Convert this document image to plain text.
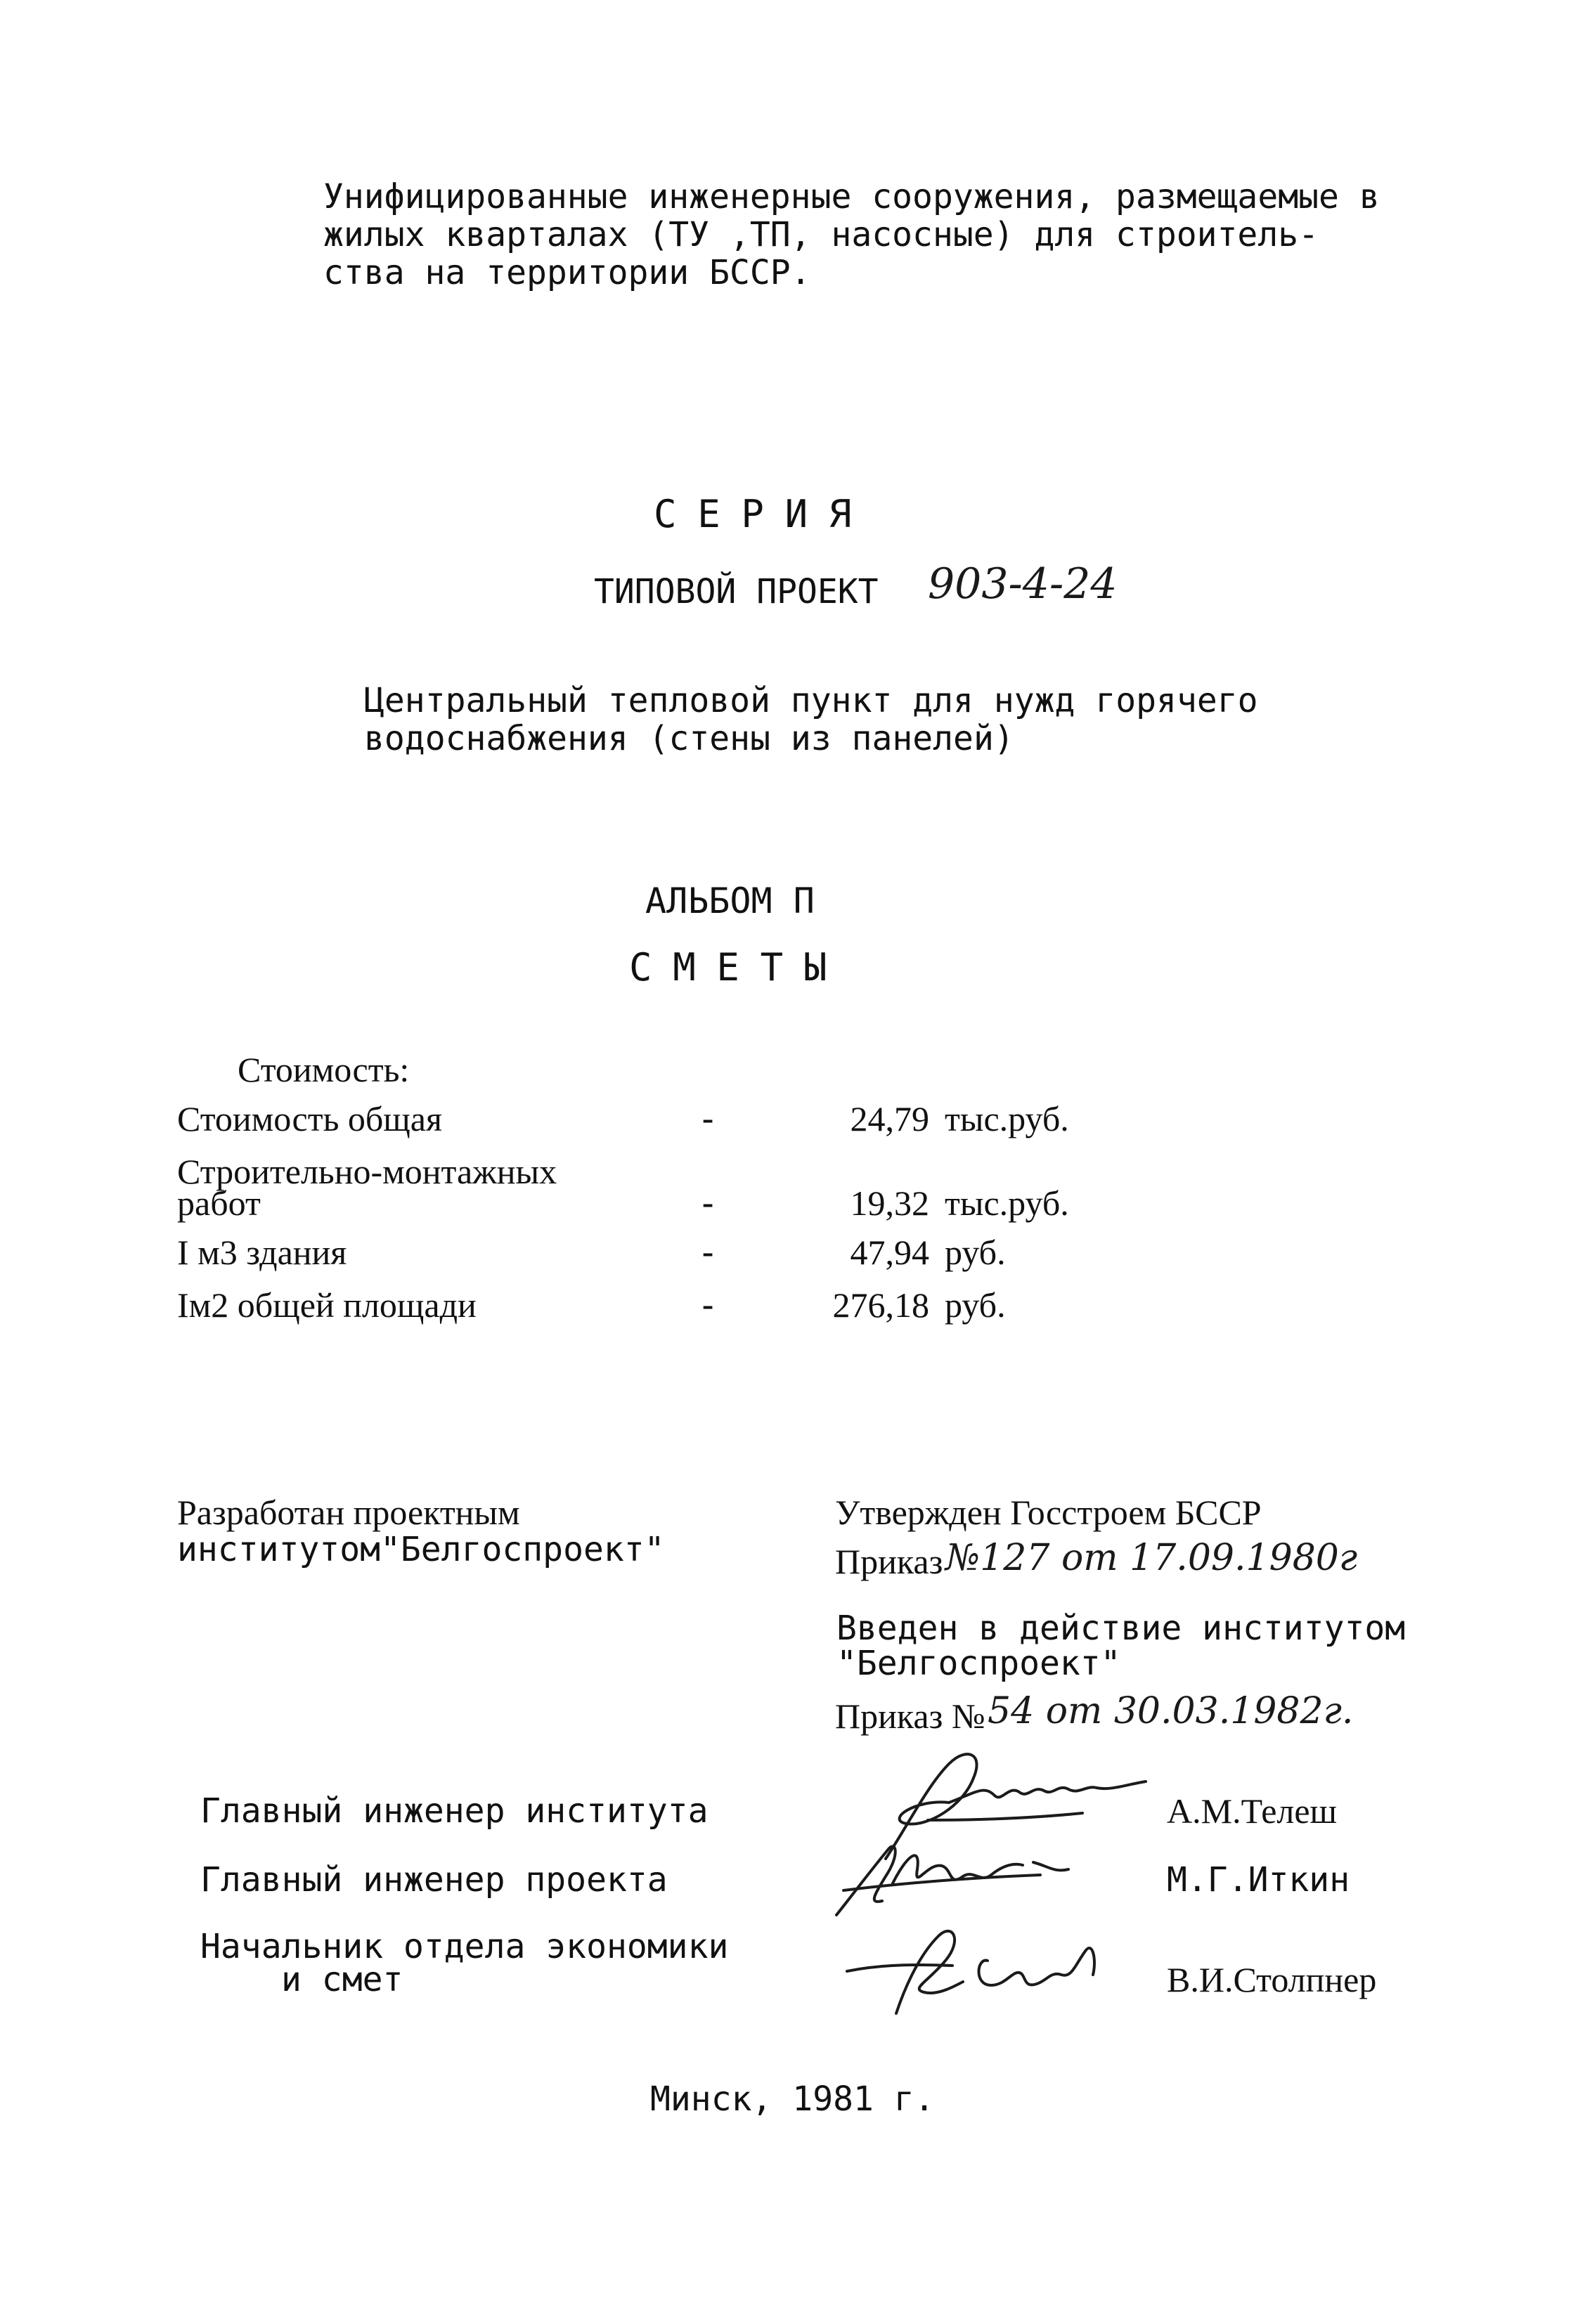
Унифицированные инженерные сооружения, размещаемые в
жилых кварталах (ТУ ,ТП, насосные) для строитель-
ства на территории БССР.
СЕРИЯ
ТИПОВОЙ ПРОЕКТ 903-4-24
Центральный тепловой пункт для нужд горячего
водоснабжения (стены из панелей)
АЛЬБОМ П
СМЕТЫ
Стоимость:
Стоимость общая	-	24,79 тыс.руб.
Строительно-монтажных
работ	-	19,32 тыс.руб.
I м3 здания	-	47,94 руб.
Iм2 общей площади	-	276,18 руб.
Разработан проектным
институтом"Белгоспроект"
Утвержден Госстроем БССР
Приказ №127 от 17.09.1980г
Введен в действие институтом
"Белгоспроект"
Приказ № 54 от 30.03.1982г.
Главный инженер института	А.М.Телеш
Главный инженер проекта	М.Г.Иткин
Начальник отдела экономики
и смет	В.И.Столпнер
Минск, 1981 г.
